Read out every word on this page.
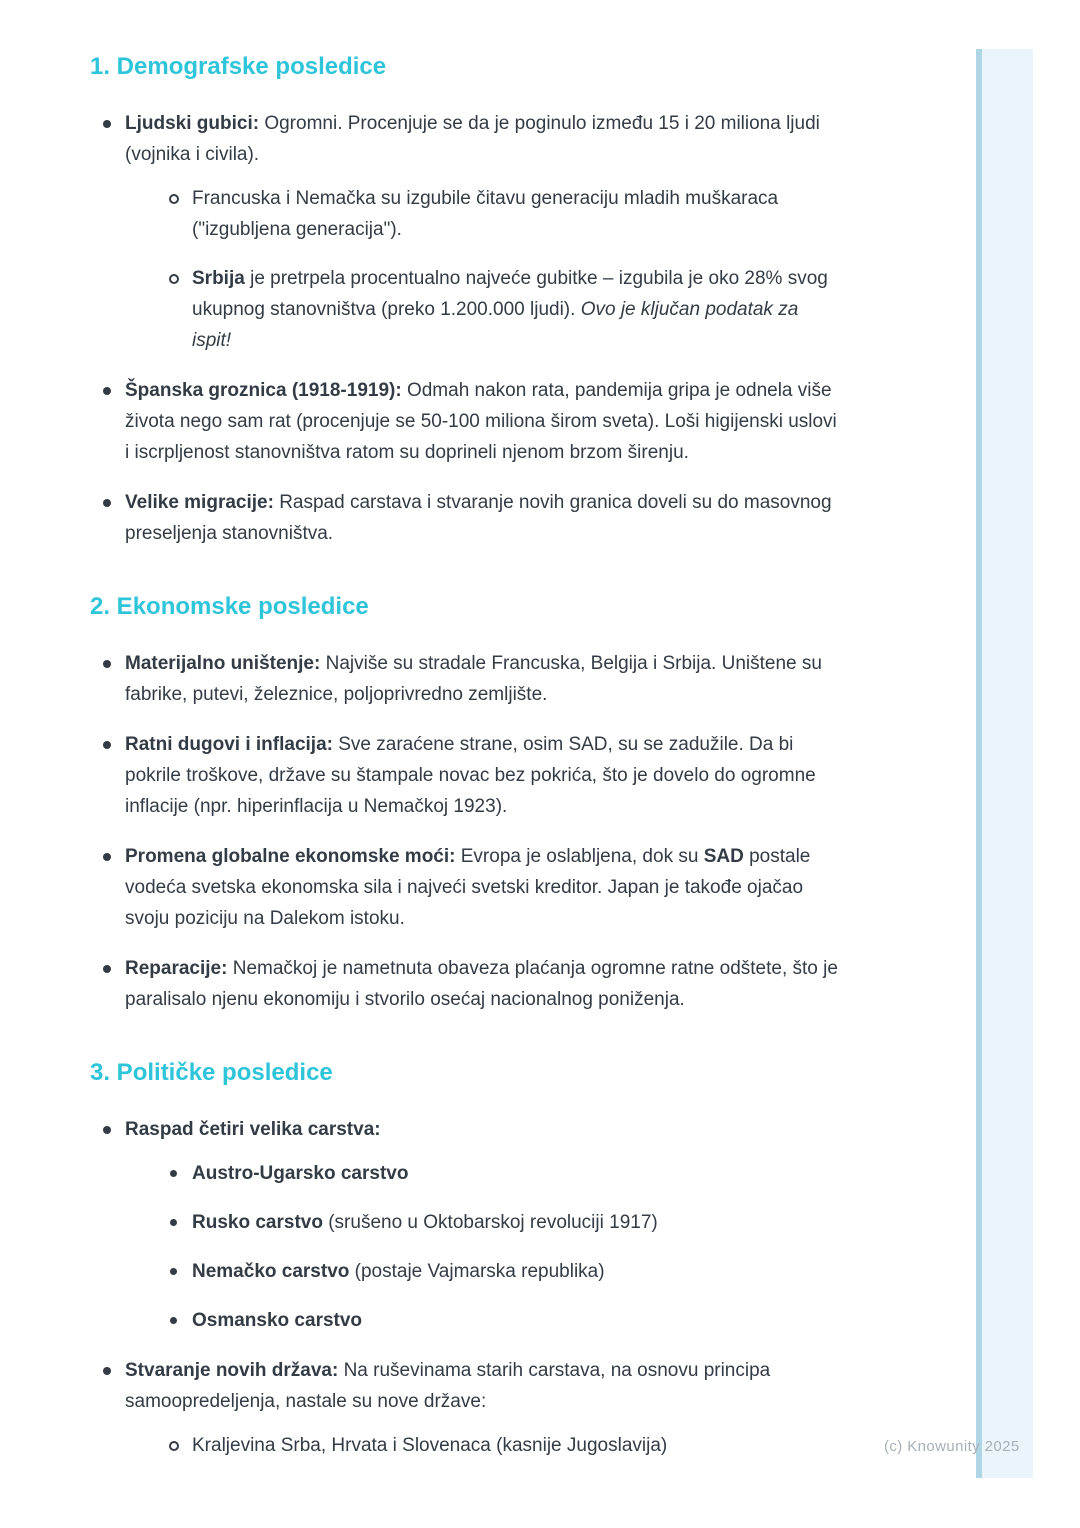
1. Demografske posledice
Ljudski gubici: Ogromni. Procenjuje se da je poginulo između 15 i 20 miliona ljudi (vojnika i civila).
Francuska i Nemačka su izgubile čitavu generaciju mladih muškaraca ("izgubljena generacija").
Srbija je pretrpela procentualno najveće gubitke – izgubila je oko 28% svog ukupnog stanovništva (preko 1.200.000 ljudi). Ovo je ključan podatak za ispit!
Španska groznica (1918-1919): Odmah nakon rata, pandemija gripa je odnela više života nego sam rat (procenjuje se 50-100 miliona širom sveta). Loši higijenski uslovi i iscrpljenost stanovništva ratom su doprineli njenom brzom širenju.
Velike migracije: Raspad carstava i stvaranje novih granica doveli su do masovnog preseljenja stanovništva.
2. Ekonomske posledice
Materijalno uništenje: Najviše su stradale Francuska, Belgija i Srbija. Uništene su fabrike, putevi, železnice, poljoprivredno zemljište.
Ratni dugovi i inflacija: Sve zaraćene strane, osim SAD, su se zadužile. Da bi pokrile troškove, države su štampale novac bez pokrića, što je dovelo do ogromne inflacije (npr. hiperinflacija u Nemačkoj 1923).
Promena globalne ekonomske moći: Evropa je oslabljena, dok su SAD postale vodeća svetska ekonomska sila i najveći svetski kreditor. Japan je takođe ojačao svoju poziciju na Dalekom istoku.
Reparacije: Nemačkoj je nametnuta obaveza plaćanja ogromne ratne odštete, što je paralisalo njenu ekonomiju i stvorilo osećaj nacionalnog poniženja.
3. Političke posledice
Raspad četiri velika carstva:
Austro-Ugarsko carstvo
Rusko carstvo (srušeno u Oktobarskoj revoluciji 1917)
Nemačko carstvo (postaje Vajmarska republika)
Osmansko carstvo
Stvaranje novih država: Na ruševinama starih carstava, na osnovu principa samoopredeljenja, nastale su nove države:
Kraljevina Srba, Hrvata i Slovenaca (kasnije Jugoslavija)	(c) Knowunity 2025
